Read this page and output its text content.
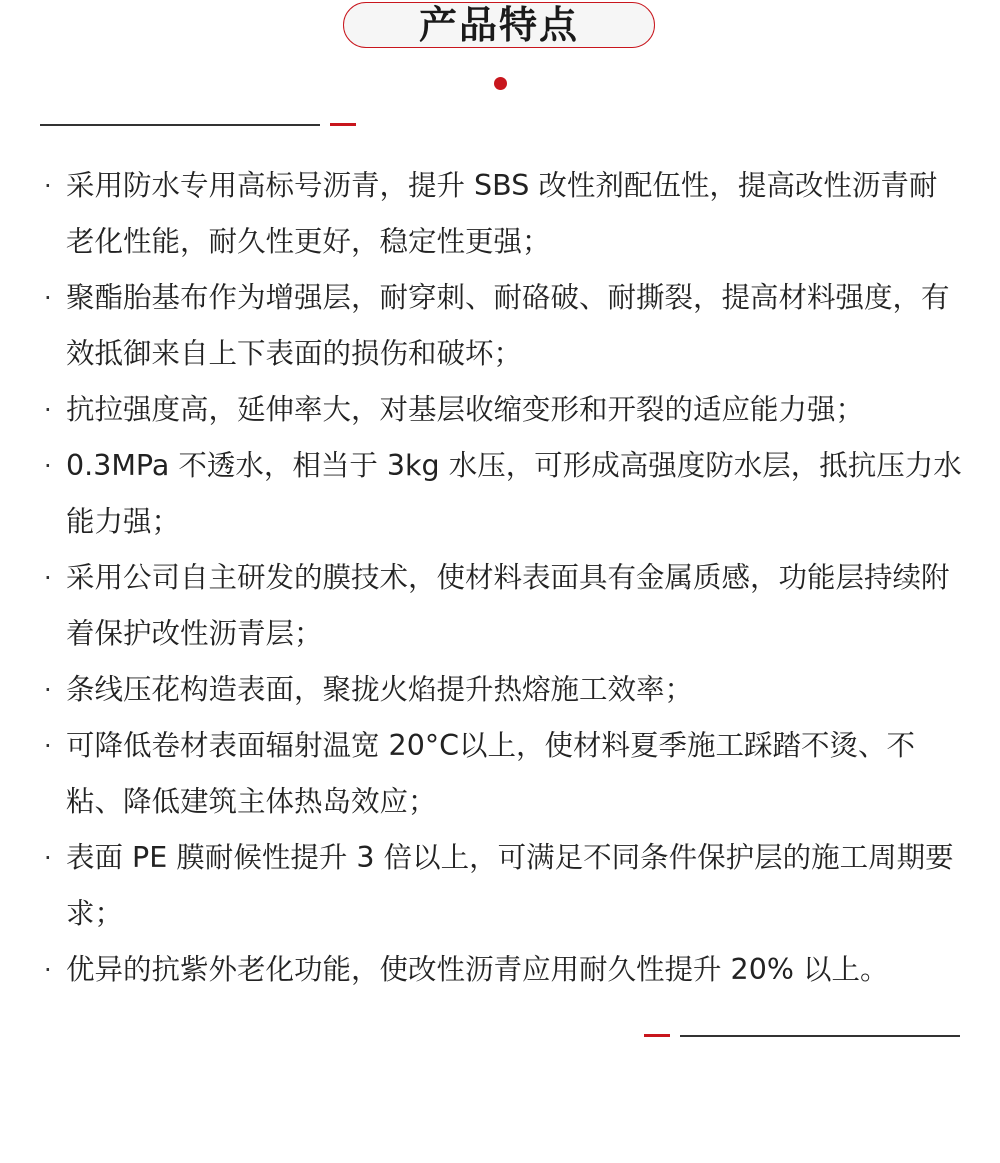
产品特点
· 采用防水专用高标号沥青，提升 SBS 改性剂配伍性，提高改性沥青耐老化性能，耐久性更好，稳定性更强；
· 聚酯胎基布作为增强层，耐穿刺、耐硌破、耐撕裂，提高材料强度，有效抵御来自上下表面的损伤和破坏；
· 抗拉强度高，延伸率大，对基层收缩变形和开裂的适应能力强；
· 0.3MPa 不透水，相当于 3kg 水压，可形成高强度防水层，抵抗压力水能力强；
· 采用公司自主研发的膜技术，使材料表面具有金属质感，功能层持续附着保护改性沥青层；
· 条线压花构造表面，聚拢火焰提升热熔施工效率；
· 可降低卷材表面辐射温宽 20°C以上，使材料夏季施工踩踏不烫、不粘、降低建筑主体热岛效应；
· 表面 PE 膜耐候性提升 3 倍以上，可满足不同条件保护层的施工周期要求；
· 优异的抗紫外老化功能，使改性沥青应用耐久性提升 20% 以上。
